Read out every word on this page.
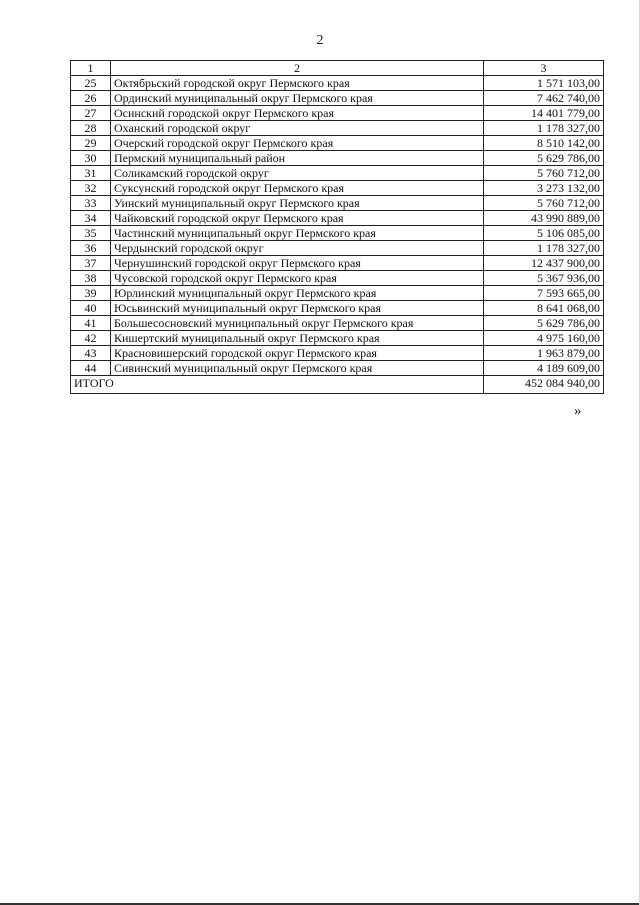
2
1	2	3
25	Октябрьский городской округ Пермского края	1 571 103,00
26	Ординский муниципальный округ Пермского края	7 462 740,00
27	Осинский городской округ Пермского края	14 401 779,00
28	Оханский городской округ	1 178 327,00
29	Очерский городской округ Пермского края	8 510 142,00
30	Пермский муниципальный район	5 629 786,00
31	Соликамский городской округ	5 760 712,00
32	Суксунский городской округ Пермского края	3 273 132,00
33	Уинский муниципальный округ Пермского края	5 760 712,00
34	Чайковский городской округ Пермского края	43 990 889,00
35	Частинский муниципальный округ Пермского края	5 106 085,00
36	Чердынский городской округ	1 178 327,00
37	Чернушинский городской округ Пермского края	12 437 900,00
38	Чусовской городской округ Пермского края	5 367 936,00
39	Юрлинский муниципальный округ Пермского края	7 593 665,00
40	Юсьвинский муниципальный округ Пермского края	8 641 068,00
41	Большесосновский муниципальный округ Пермского края	5 629 786,00
42	Кишертский муниципальный округ Пермского края	4 975 160,00
43	Красновишерский городской округ Пермского края	1 963 879,00
44	Сивинский муниципальный округ Пермского края	4 189 609,00
ИТОГО		452 084 940,00
»
